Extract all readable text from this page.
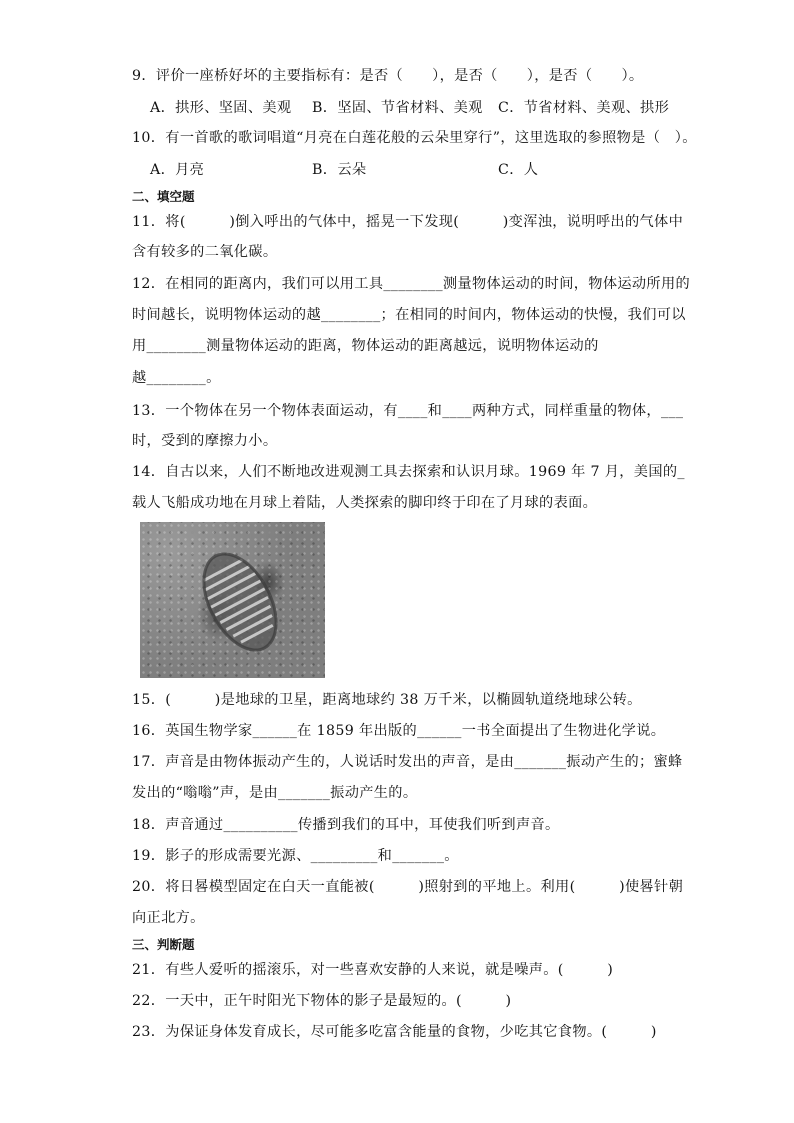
9．评价一座桥好坏的主要指标有：是否（　　），是否（　　），是否（　　）。
A．拱形、坚固、美观 B．坚固、节省材料、美观 C．节省材料、美观、拱形
10．有一首歌的歌词唱道“月亮在白莲花般的云朵里穿行”，这里选取的参照物是（　）。
A．月亮	B．云朵	C．人
二、填空题
11．将(　　　)倒入呼出的气体中，摇晃一下发现(　　　)变浑浊，说明呼出的气体中
含有较多的二氧化碳。
12．在相同的距离内，我们可以用工具________测量物体运动的时间，物体运动所用的
时间越长，说明物体运动的越________；在相同的时间内，物体运动的快慢，我们可以
用________测量物体运动的距离，物体运动的距离越远，说明物体运动的
越________。
13．一个物体在另一个物体表面运动，有____和____两种方式，同样重量的物体，___
时，受到的摩擦力小。
14．自古以来，人们不断地改进观测工具去探索和认识月球。1969 年 7 月，美国的_
载人飞船成功地在月球上着陆，人类探索的脚印终于印在了月球的表面。
15．(　　　)是地球的卫星，距离地球约 38 万千米，以椭圆轨道绕地球公转。
16．英国生物学家______在 1859 年出版的______一书全面提出了生物进化学说。
17．声音是由物体振动产生的，人说话时发出的声音，是由_______振动产生的；蜜蜂
发出的“嗡嗡”声，是由_______振动产生的。
18．声音通过__________传播到我们的耳中，耳使我们听到声音。
19．影子的形成需要光源、_________和_______。
20．将日晷模型固定在白天一直能被(　　　)照射到的平地上。利用(　　　)使晷针朝
向正北方。
三、判断题
21．有些人爱听的摇滚乐，对一些喜欢安静的人来说，就是噪声。(　　　)
22．一天中，正午时阳光下物体的影子是最短的。(　　　)
23．为保证身体发育成长，尽可能多吃富含能量的食物，少吃其它食物。(　　　)
